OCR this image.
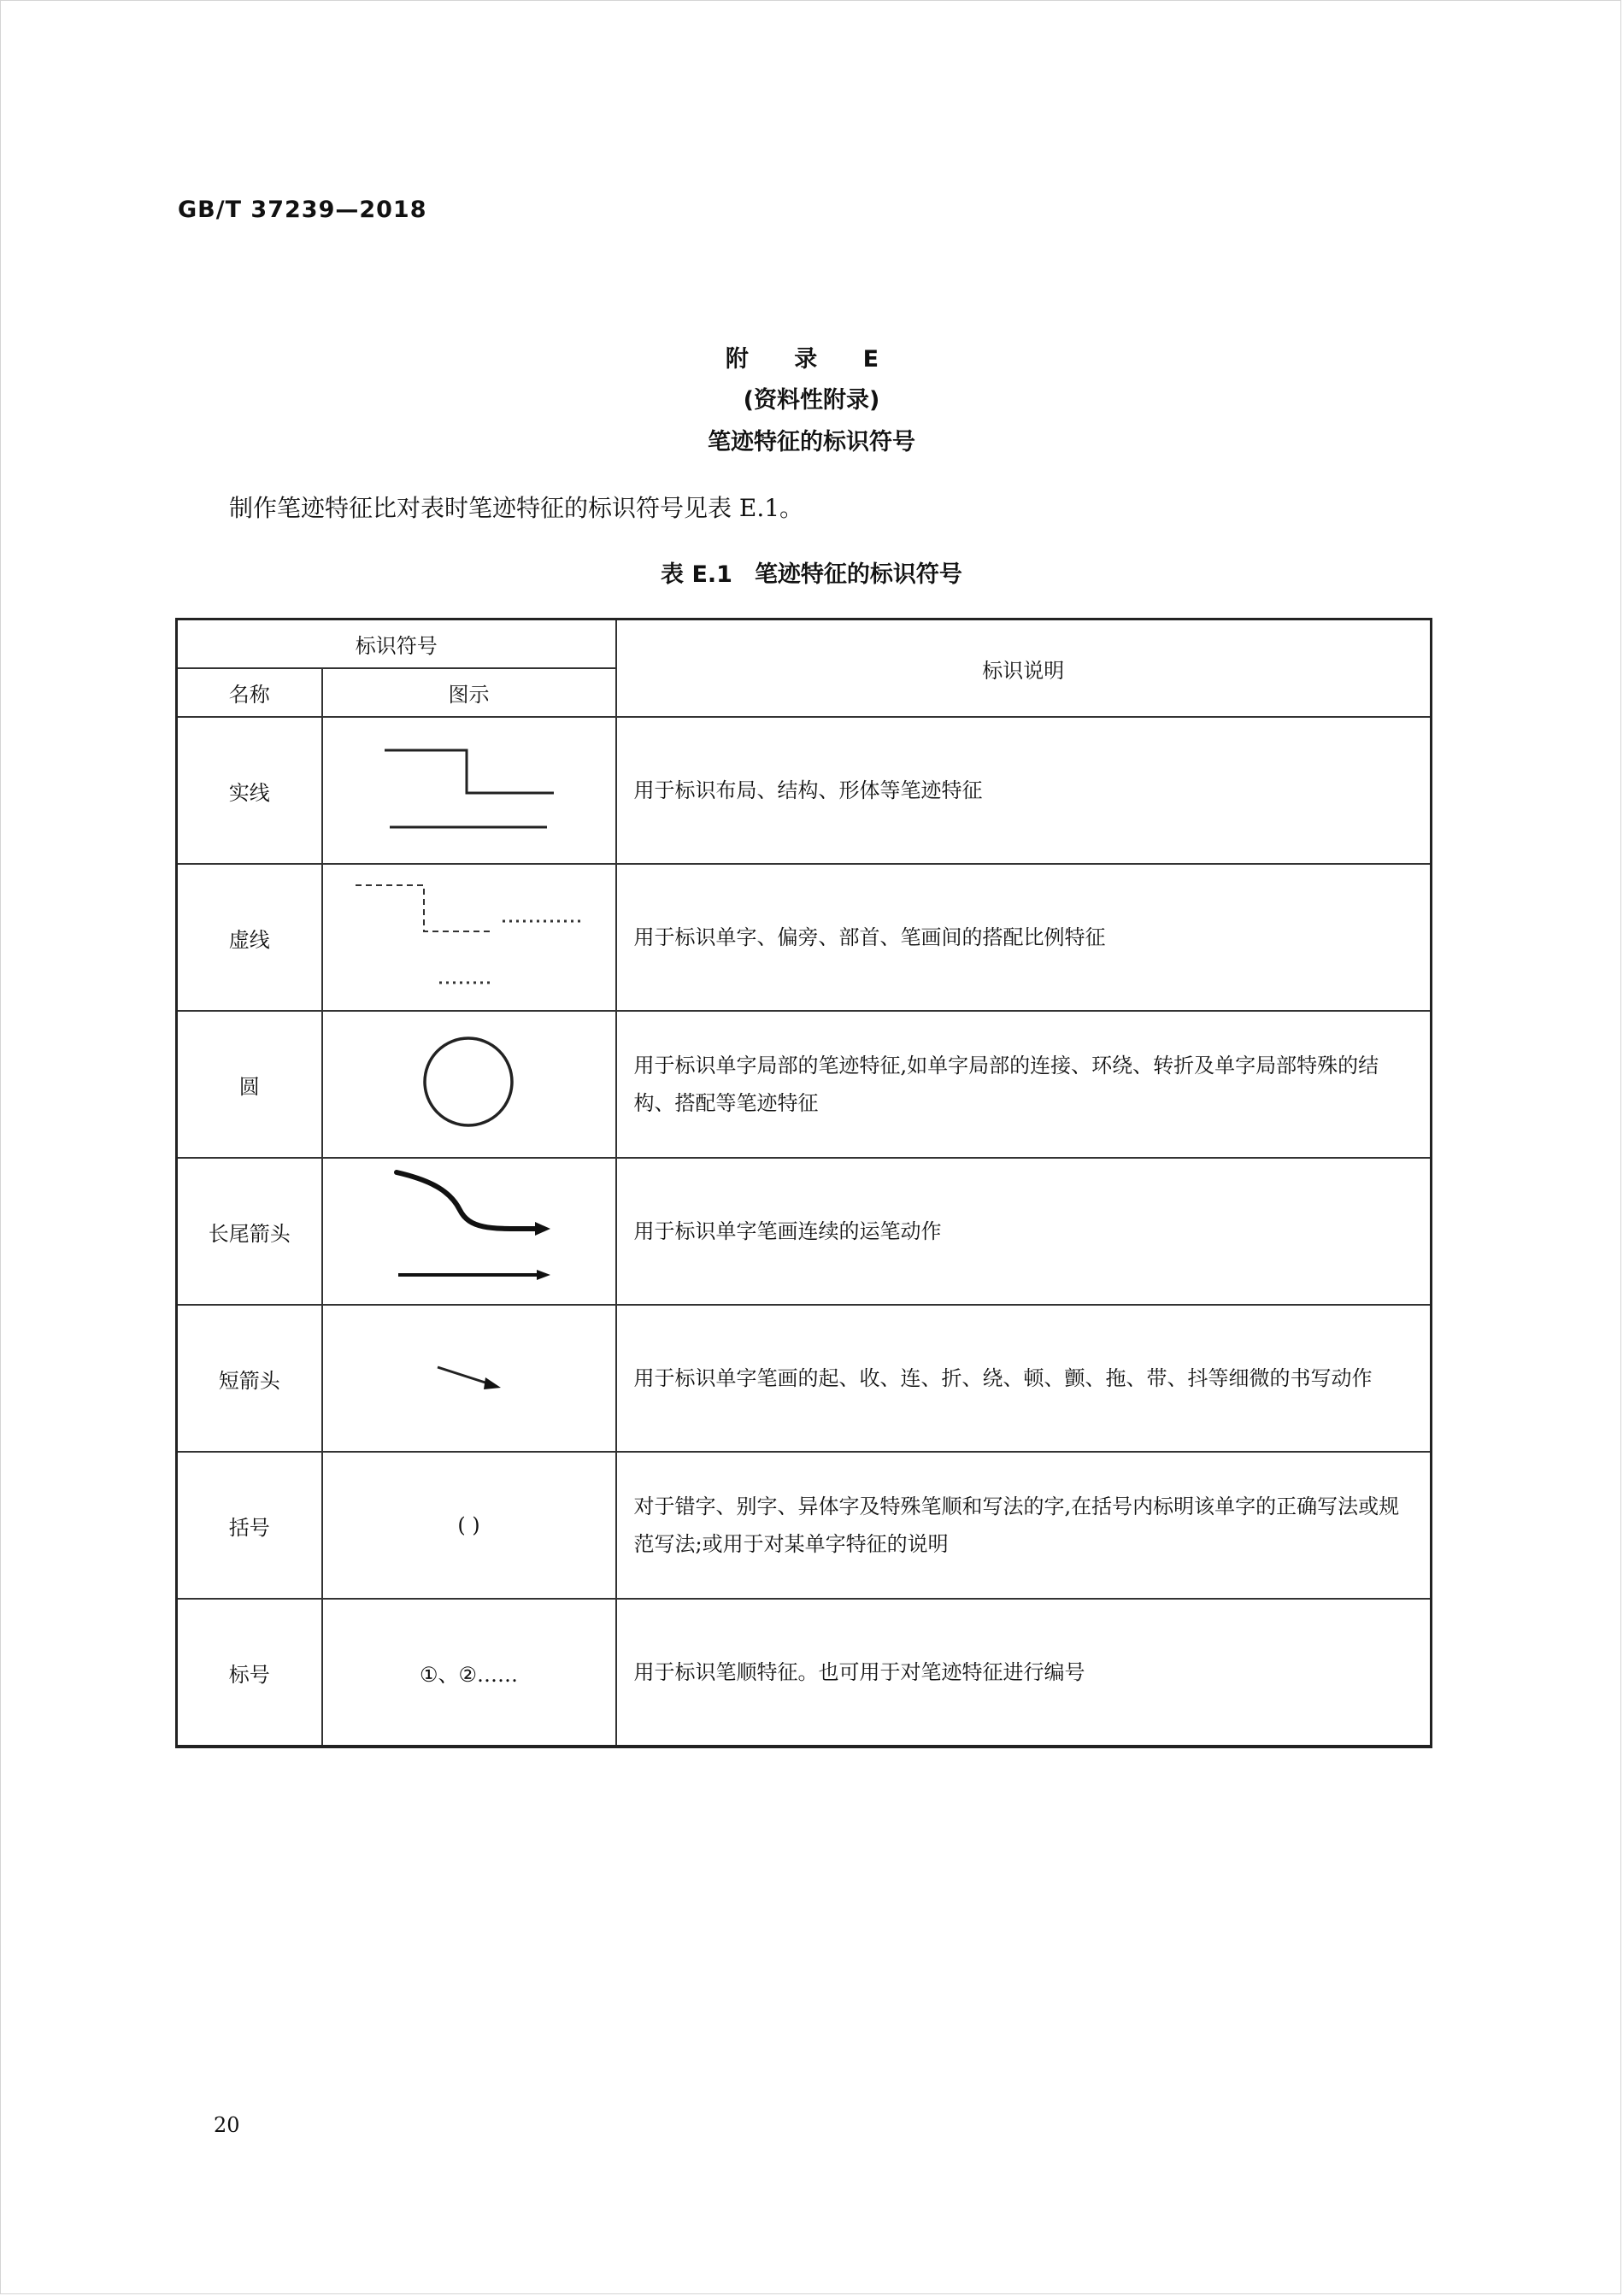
GB/T 37239—2018
附 录 E
(资料性附录)
笔迹特征的标识符号
制作笔迹特征比对表时笔迹特征的标识符号见表 E.1。
表 E.1 笔迹特征的标识符号
标识符号		标识说明
名称	图示	
实线		用于标识布局、结构、形体等笔迹特征
虚线		用于标识单字、偏旁、部首、笔画间的搭配比例特征
圆		用于标识单字局部的笔迹特征,如单字局部的连接、环绕、转折及单字局部特殊的结构、搭配等笔迹特征
长尾箭头		用于标识单字笔画连续的运笔动作
短箭头		用于标识单字笔画的起、收、连、折、绕、顿、颤、拖、带、抖等细微的书写动作
括号	( )	对于错字、别字、异体字及特殊笔顺和写法的字,在括号内标明该单字的正确写法或规范写法;或用于对某单字特征的说明
标号	①、②……	用于标识笔顺特征。也可用于对笔迹特征进行编号
20
